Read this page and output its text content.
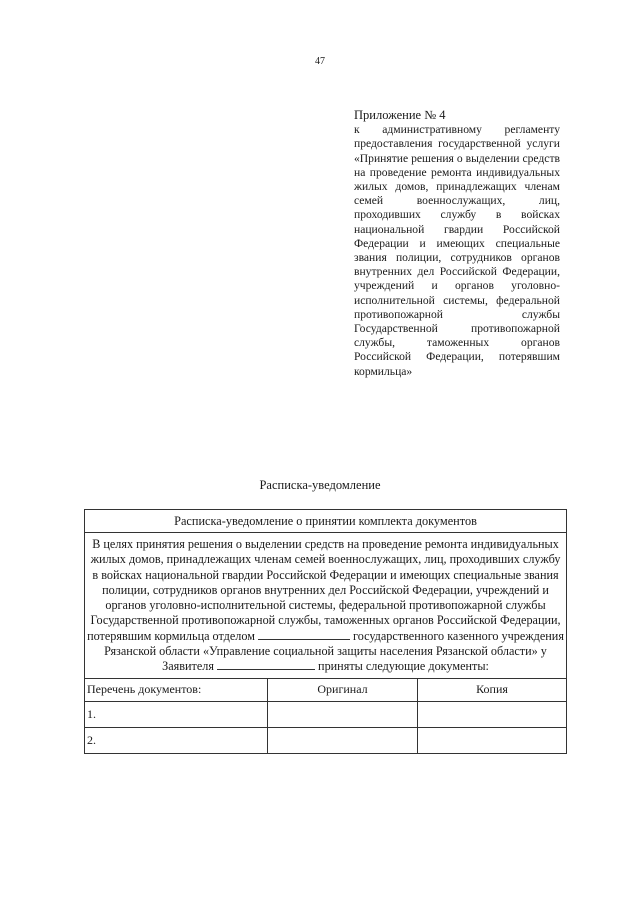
47
Приложение № 4
к административному регламенту предоставления государственной услуги «Принятие решения о выделении средств на проведение ремонта индивидуальных жилых домов, принадлежащих членам семей военнослужащих, лиц, проходивших службу в войсках национальной гвардии Российской Федерации и имеющих специальные звания полиции, сотрудников органов внутренних дел Российской Федерации, учреждений и органов уголовно-исполнительной системы, федеральной противопожарной службы Государственной противопожарной службы, таможенных органов Российской Федерации, потерявшим кормильца»
Расписка-уведомление
Расписка-уведомление о принятии комплекта документов		
В целях принятия решения о выделении средств на проведение ремонта индивидуальных жилых домов, принадлежащих членам семей военнослужащих, лиц, проходивших службу в войсках национальной гвардии Российской Федерации и имеющих специальные звания полиции, сотрудников органов внутренних дел Российской Федерации, учреждений и органов уголовно-исполнительной системы, федеральной противопожарной службы Государственной противопожарной службы, таможенных органов Российской Федерации, потерявшим кормильца отделом государственного казенного учреждения Рязанской области «Управление социальной защиты населения Рязанской области» у Заявителя приняты следующие документы:		
Перечень документов:	Оригинал	Копия
1.		
2.		
